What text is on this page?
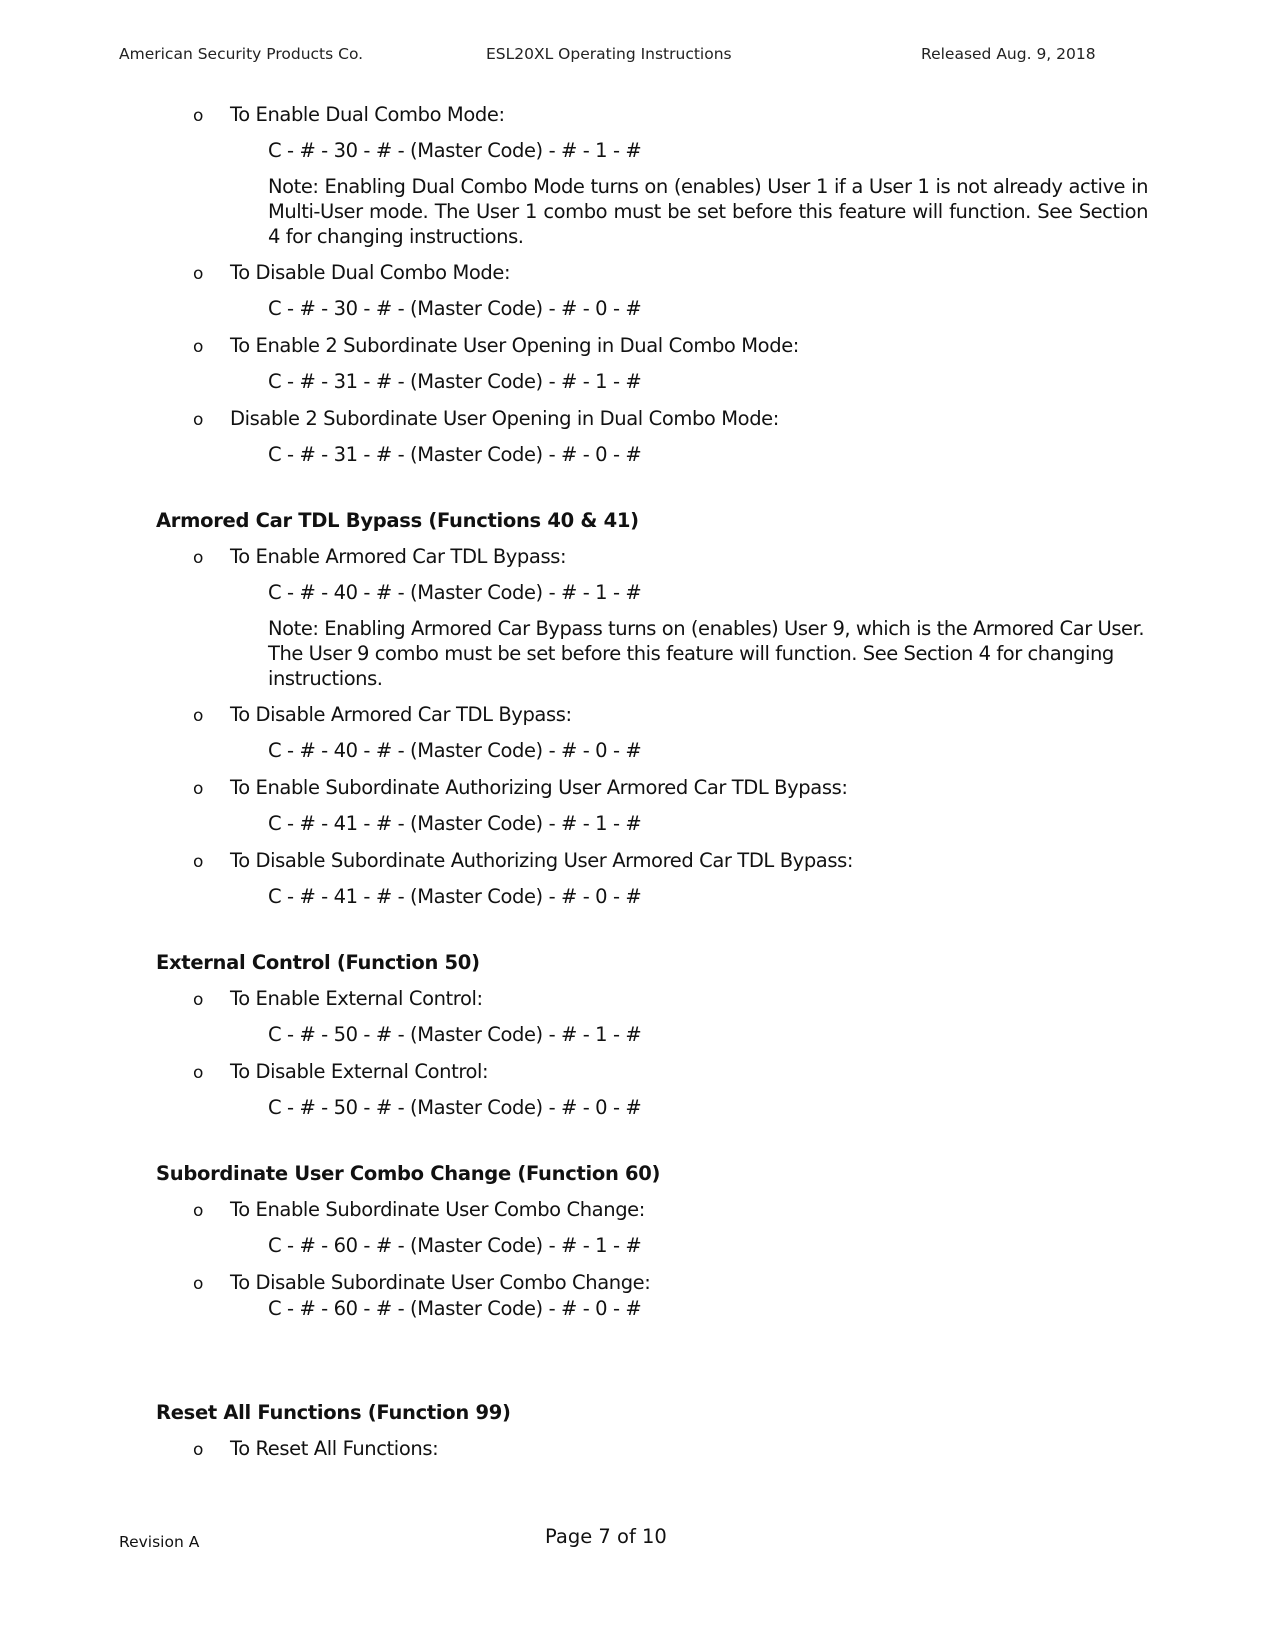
American Security Products Co.	ESL20XL Operating Instructions	Released Aug. 9, 2018
o To Enable Dual Combo Mode:
C - # - 30 - # - (Master Code) - # - 1 - #
Note: Enabling Dual Combo Mode turns on (enables) User 1 if a User 1 is not already active in Multi-User mode. The User 1 combo must be set before this feature will function. See Section 4 for changing instructions.
o To Disable Dual Combo Mode:
C - # - 30 - # - (Master Code) - # - 0 - #
o To Enable 2 Subordinate User Opening in Dual Combo Mode:
C - # - 31 - # - (Master Code) - # - 1 - #
o Disable 2 Subordinate User Opening in Dual Combo Mode:
C - # - 31 - # - (Master Code) - # - 0 - #
Armored Car TDL Bypass (Functions 40 & 41)
o To Enable Armored Car TDL Bypass:
C - # - 40 - # - (Master Code) - # - 1 - #
Note: Enabling Armored Car Bypass turns on (enables) User 9, which is the Armored Car User. The User 9 combo must be set before this feature will function. See Section 4 for changing instructions.
o To Disable Armored Car TDL Bypass:
C - # - 40 - # - (Master Code) - # - 0 - #
o To Enable Subordinate Authorizing User Armored Car TDL Bypass:
C - # - 41 - # - (Master Code) - # - 1 - #
o To Disable Subordinate Authorizing User Armored Car TDL Bypass:
C - # - 41 - # - (Master Code) - # - 0 - #
External Control (Function 50)
o To Enable External Control:
C - # - 50 - # - (Master Code) - # - 1 - #
o To Disable External Control:
C - # - 50 - # - (Master Code) - # - 0 - #
Subordinate User Combo Change (Function 60)
o To Enable Subordinate User Combo Change:
C - # - 60 - # - (Master Code) - # - 1 - #
o To Disable Subordinate User Combo Change:
C - # - 60 - # - (Master Code) - # - 0 - #
Reset All Functions (Function 99)
o To Reset All Functions:
Revision A	Page 7 of 10
